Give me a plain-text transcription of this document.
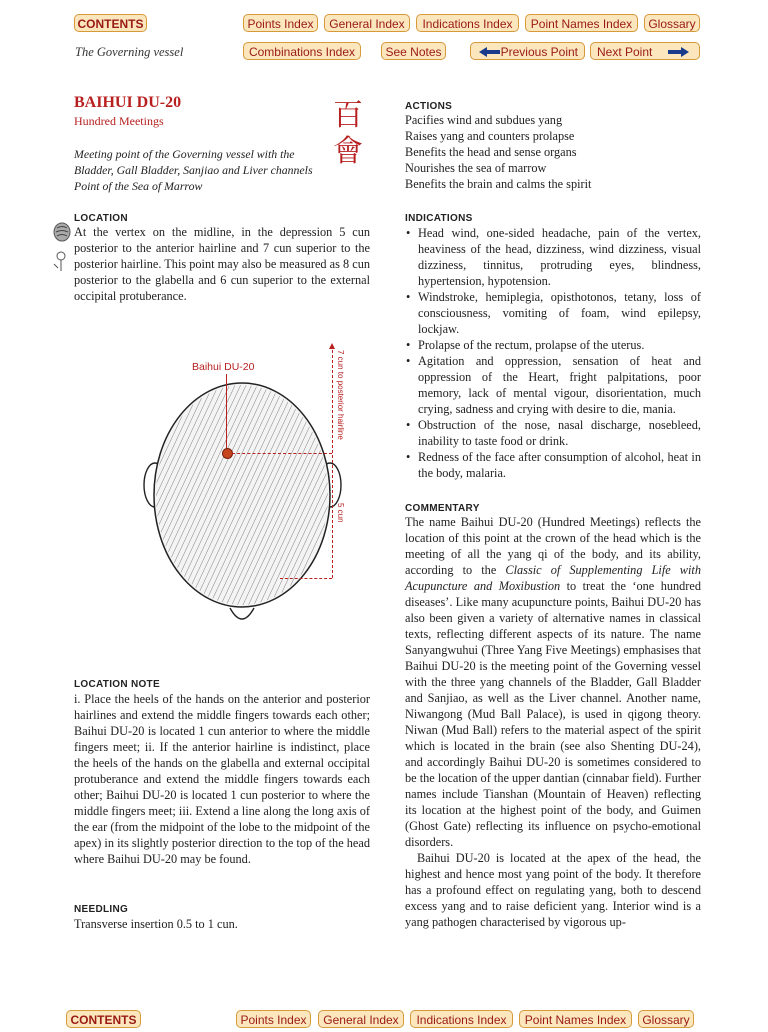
CONTENTS	Points Index	General Index	Indications Index	Point Names Index	Glossary
The Governing vessel	Combinations Index	See Notes	Previous Point	Next Point
BAIHUI DU-20
Hundred Meetings	百會
Meeting point of the Governing vessel with the Bladder, Gall Bladder, Sanjiao and Liver channels Point of the Sea of Marrow
LOCATION
At the vertex on the midline, in the depression 5 cun posterior to the anterior hairline and 7 cun superior to the posterior hairline. This point may also be measured as 8 cun posterior to the glabella and 6 cun superior to the external occipital protuberance.
Baihui DU-20	7 cun to posterior hairline
5 cun
LOCATION NOTE
i. Place the heels of the hands on the anterior and posterior hairlines and extend the middle fingers towards each other; Baihui DU-20 is located 1 cun anterior to where the middle fingers meet; ii. If the anterior hairline is indistinct, place the heels of the hands on the glabella and external occipital protuberance and extend the middle fingers towards each other; Baihui DU-20 is located 1 cun posterior to where the middle fingers meet; iii. Extend a line along the long axis of the ear (from the midpoint of the lobe to the midpoint of the apex) in its slightly posterior direction to the top of the head where Baihui DU-20 may be found.
NEEDLING
Transverse insertion 0.5 to 1 cun.
ACTIONS
Pacifies wind and subdues yang
Raises yang and counters prolapse
Benefits the head and sense organs
Nourishes the sea of marrow
Benefits the brain and calms the spirit
INDICATIONS
• Head wind, one-sided headache, pain of the vertex, heaviness of the head, dizziness, wind dizziness, visual dizziness, tinnitus, protruding eyes, blindness, hypertension, hypotension.
• Windstroke, hemiplegia, opisthotonos, tetany, loss of consciousness, vomiting of foam, wind epilepsy, lockjaw.
• Prolapse of the rectum, prolapse of the uterus.
• Agitation and oppression, sensation of heat and oppression of the Heart, fright palpitations, poor memory, lack of mental vigour, disorientation, much crying, sadness and crying with desire to die, mania.
• Obstruction of the nose, nasal discharge, nosebleed, inability to taste food or drink.
• Redness of the face after consumption of alcohol, heat in the body, malaria.
COMMENTARY
The name Baihui DU-20 (Hundred Meetings) reflects the location of this point at the crown of the head which is the meeting of all the yang qi of the body, and its ability, according to the Classic of Supplementing Life with Acupuncture and Moxibustion to treat the ‘one hundred diseases’. Like many acupuncture points, Baihui DU-20 has also been given a variety of alternative names in classical texts, reflecting different aspects of its nature. The name Sanyangwuhui (Three Yang Five Meetings) emphasises that Baihui DU-20 is the meeting point of the Governing vessel with the three yang channels of the Bladder, Gall Bladder and Sanjiao, as well as the Liver channel. Another name, Niwangong (Mud Ball Palace), is used in qigong theory. Niwan (Mud Ball) refers to the material aspect of the spirit which is located in the brain (see also Shenting DU-24), and accordingly Baihui DU-20 is sometimes considered to be the location of the upper dantian (cinnabar field). Further names include Tianshan (Mountain of Heaven) reflecting its location at the highest point of the body, and Guimen (Ghost Gate) reflecting its influence on psycho-emotional disorders.
Baihui DU-20 is located at the apex of the head, the highest and hence most yang point of the body. It therefore has a profound effect on regulating yang, both to descend excess yang and to raise deficient yang. Interior wind is a yang pathogen characterised by vigorous up-
CONTENTS	Points Index	General Index	Indications Index	Point Names Index	Glossary
